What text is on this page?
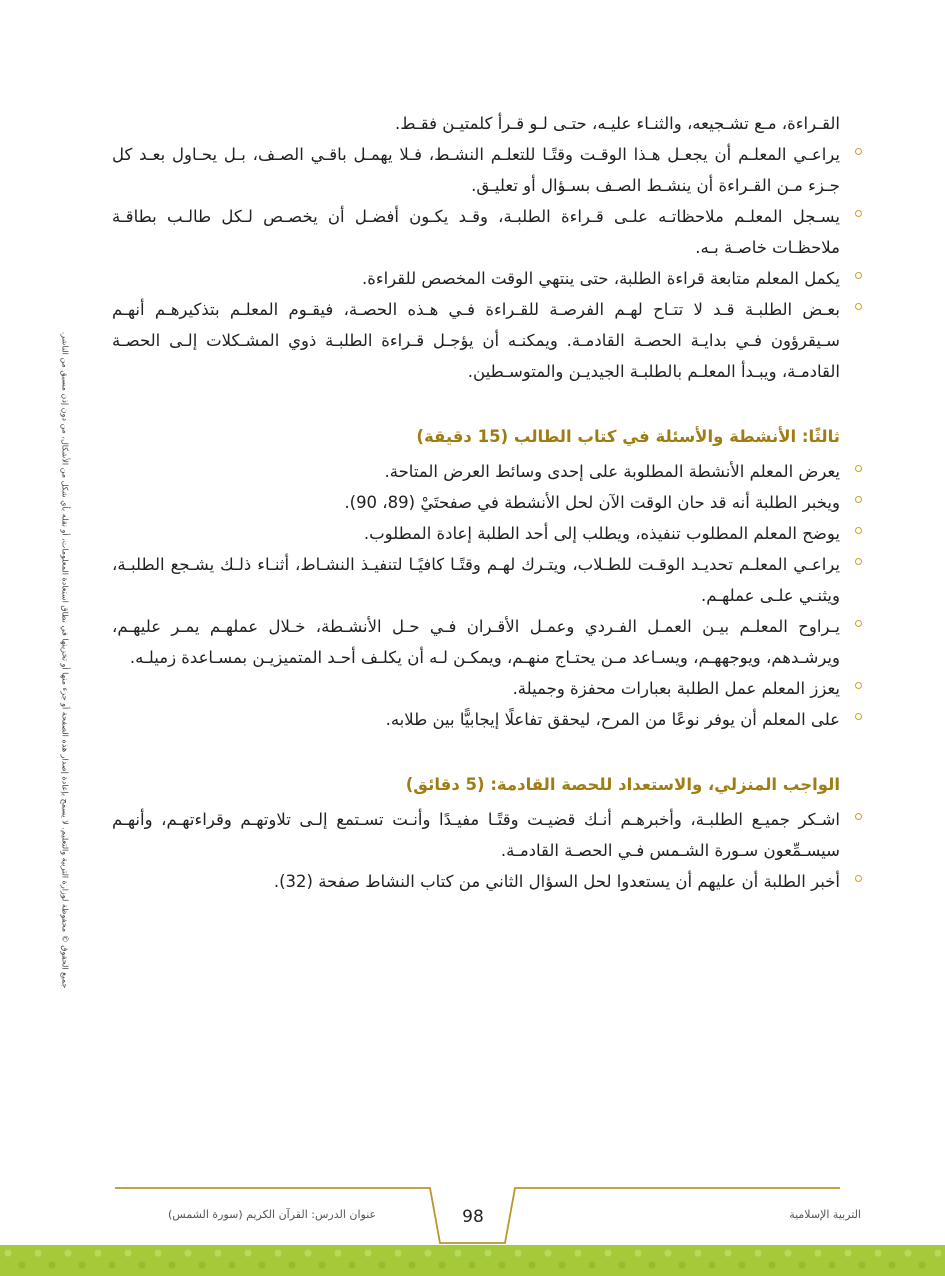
جميع الحقوق © محفوظة لوزارة التربية والتعليم. لا يسمح بإعادة إصدار هذه الصفحة أو جزء منها أو تخزينها في نطاق استعادة المعلومات، أو نقله بأي شكل من الأشكال، من دون إذن مسبق من الناشر.

القـراءة، مـع تشـجيعه، والثنـاء عليـه، حتـى لـو قـرأ كلمتيـن فقـط.

يراعـي المعلـم أن يجعـل هـذا الوقـت وقتًـا للتعلـم النشـط، فـلا يهمـل باقـي الصـف، بـل يحـاول بعـد كل جـزء مـن القـراءة أن ينشـط الصـف بسـؤال أو تعليـق.

يسـجل المعلـم ملاحظاتـه علـى قـراءة الطلبـة، وقـد يكـون أفضـل أن يخصـص لـكل طالـب بطاقـة ملاحظـات خاصـة بـه.

يكمل المعلم متابعة قراءة الطلبة، حتى ينتهي الوقت المخصص للقراءة.

بعـض الطلبـة قـد لا تتـاح لهـم الفرصـة للقـراءة فـي هـذه الحصـة، فيقـوم المعلـم بتذكيرهـم أنهـم سـيقرؤون فـي بدايـة الحصـة القادمـة. ويمكنـه أن يؤجـل قـراءة الطلبـة ذوي المشـكلات إلـى الحصـة القادمـة، ويبـدأ المعلـم بالطلبـة الجيديـن والمتوسـطين.

ثالثًا: الأنشطة والأسئلة في كتاب الطالب (15 دقيقة)

يعرض المعلم الأنشطة المطلوبة على إحدى وسائط العرض المتاحة.

ويخبر الطلبة أنه قد حان الوقت الآن لحل الأنشطة في صفحتَيْ (89، 90).

يوضح المعلم المطلوب تنفيذه، ويطلب إلى أحد الطلبة إعادة المطلوب.

يراعـي المعلـم تحديـد الوقـت للطـلاب، ويتـرك لهـم وقتًـا كافيًـا لتنفيـذ النشـاط، أثنـاء ذلـك يشـجع الطلبـة، ويثنـي علـى عملهـم.

يـراوح المعلـم بيـن العمـل الفـردي وعمـل الأقـران فـي حـل الأنشـطة، خـلال عملهـم يمـر عليهـم، ويرشـدهم، ويوجههـم، ويسـاعد مـن يحتـاج منهـم، ويمكـن لـه أن يكلـف أحـد المتميزيـن بمسـاعدة زميلـه.

يعزز المعلم عمل الطلبة بعبارات محفزة وجميلة.

على المعلم أن يوفر نوعًا من المرح، ليحقق تفاعلًا إيجابيًّا بين طلابه.

الواجب المنزلي، والاستعداد للحصة القادمة: (5 دقائق)

اشـكر جميـع الطلبـة، وأخبرهـم أنـك قضيـت وقتًـا مفيـدًا وأنـت تسـتمع إلـى تلاوتهـم وقراءتهـم، وأنهـم سيسـمِّعون سـورة الشـمس فـي الحصـة القادمـة.

أخبر الطلبة أن عليهم أن يستعدوا لحل السؤال الثاني من كتاب النشاط صفحة (32).

التربية الإسلامية
98
عنوان الدرس: القرآن الكريم (سورة الشمس)
